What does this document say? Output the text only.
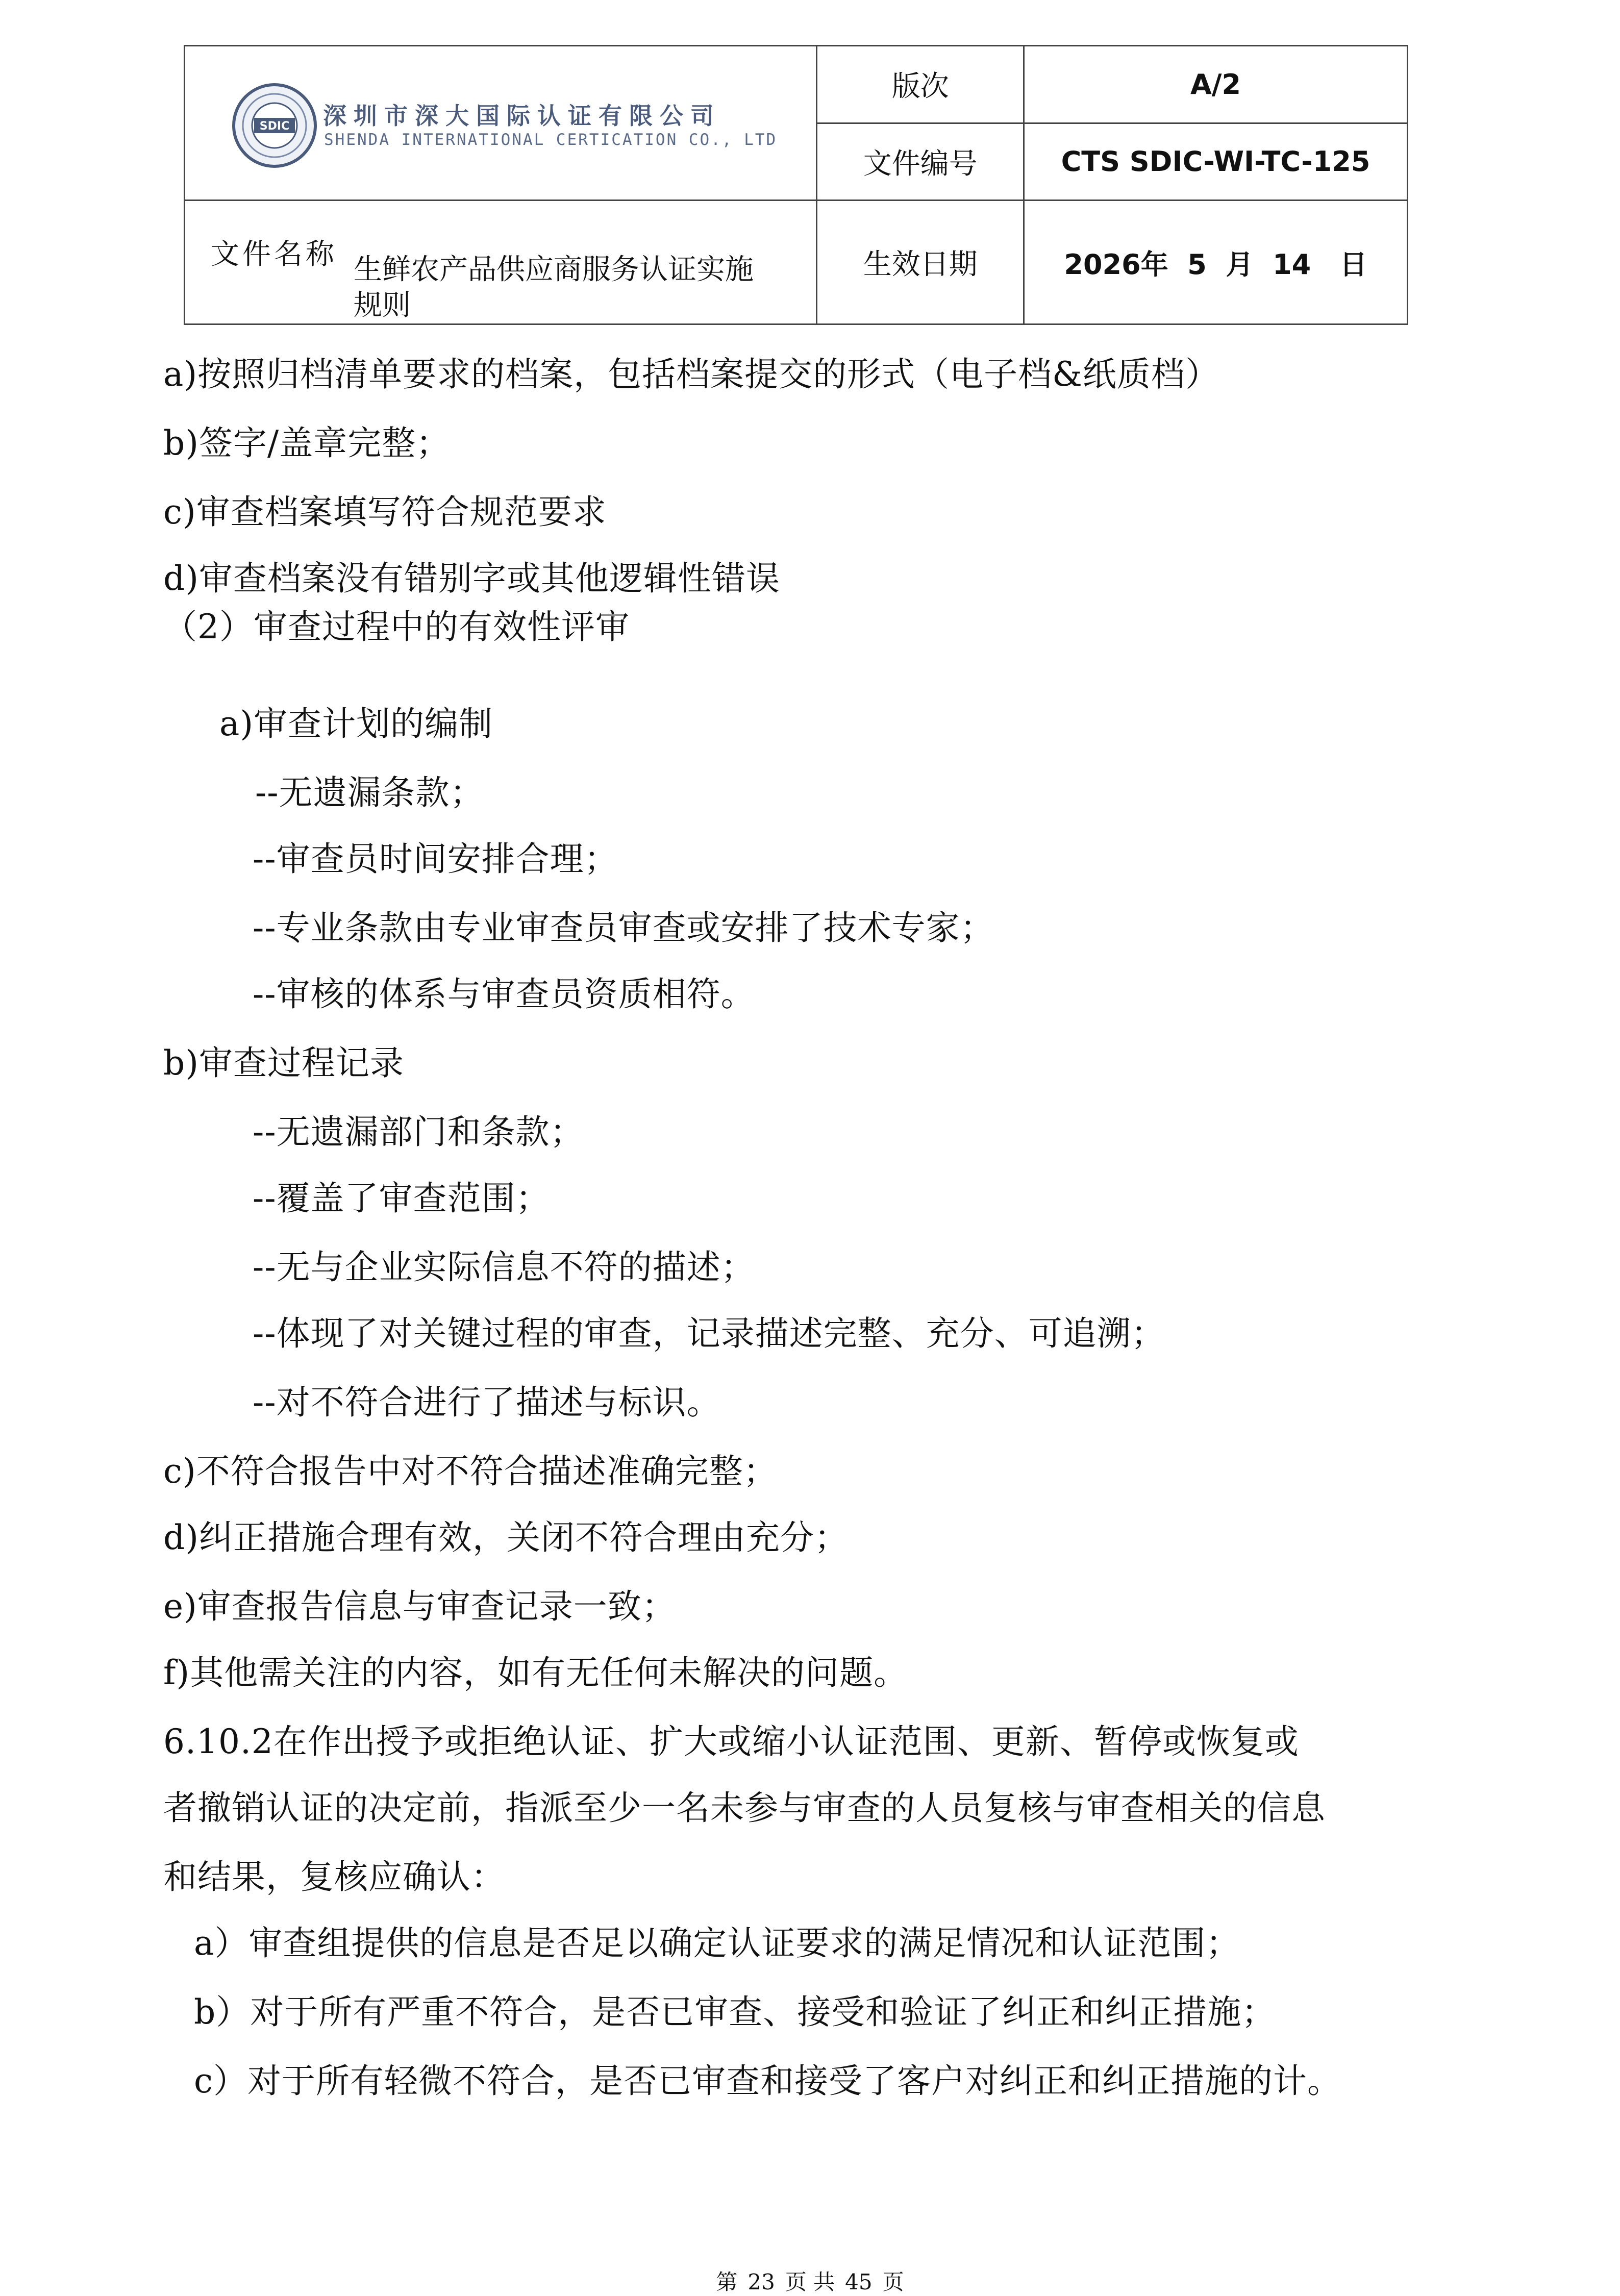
SDIC 深圳市深大国际认证有限公司
SHENDA INTERNATIONAL CERTICATION CO., LTD	版次	A/2
	文件编号	CTS SDIC-WI-TC-125

文件名称 生鲜农产品供应商服务认证实施
规则	生效日期	2026年  5  月  14   日
a)按照归档清单要求的档案，包括档案提交的形式（电子档&纸质档）
b)签字/盖章完整；
c)审查档案填写符合规范要求
d)审查档案没有错别字或其他逻辑性错误
（2）审查过程中的有效性评审
a)审查计划的编制
--无遗漏条款；
--审查员时间安排合理；
--专业条款由专业审查员审查或安排了技术专家；
--审核的体系与审查员资质相符。
b)审查过程记录
--无遗漏部门和条款；
--覆盖了审查范围；
--无与企业实际信息不符的描述；
--体现了对关键过程的审查，记录描述完整、充分、可追溯；
--对不符合进行了描述与标识。
c)不符合报告中对不符合描述准确完整；
d)纠正措施合理有效，关闭不符合理由充分；
e)审查报告信息与审查记录一致；
f)其他需关注的内容，如有无任何未解决的问题。
6.10.2在作出授予或拒绝认证、扩大或缩小认证范围、更新、暂停或恢复或
者撤销认证的决定前，指派至少一名未参与审查的人员复核与审查相关的信息
和结果，复核应确认：
a）审查组提供的信息是否足以确定认证要求的满足情况和认证范围；
b）对于所有严重不符合，是否已审查、接受和验证了纠正和纠正措施；
c）对于所有轻微不符合，是否已审查和接受了客户对纠正和纠正措施的计。
第 23 页 共 45 页
